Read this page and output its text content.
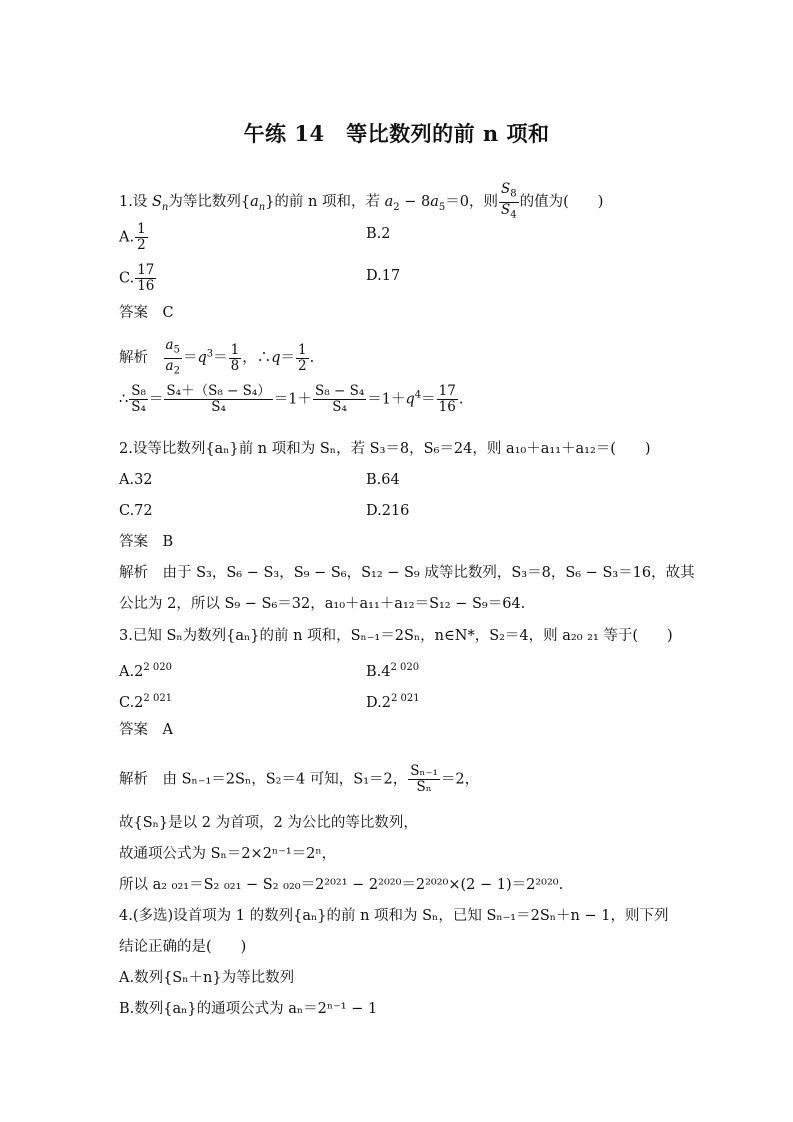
午练 14　等比数列的前 n 项和
1.设 $S_n$为等比数列$\{a_n\}$的前 n 项和，若 $a_2 - 8a_5=0$，则 $\frac{S_8}{S_4}$ 的值为(　　)
A. $\frac{1}{2}$	B.2
C. $\frac{17}{16}$	D.17
答案　 C
解析　 $\frac{a_5}{a_2} =q^3= \frac{1}{8}$ ，∴q＝ $\frac{1}{2}$ .
∴ $\frac{\text{S₈}}{\text{S₄}} = \frac{\text{S₄＋（S₈ − S₄）}}{\text{S₄}} =1+ \frac{\text{S₈ − S₄}}{\text{S₄}} =1+q^4= \frac{17}{16}$ .
2.设等比数列{aₙ}前 n 项和为 Sₙ，若 S₃＝8，S₆＝24，则 a₁₀＋a₁₁＋a₁₂＝(　　)
A.32	B.64
C.72	D.216
答案　 B
解析　 由于 S₃，S₆ − S₃，S₉ − S₆，S₁₂ − S₉ 成等比数列，S₃＝8，S₆ − S₃＝16，故其
公比为 2，所以 S₉ − S₆＝32，a₁₀＋a₁₁＋a₁₂＝S₁₂ − S₉＝64.
3.已知 Sₙ为数列{aₙ}的前 n 项和，Sₙ₋₁＝2Sₙ，n∈N*，S₂＝4，则 a₂₀ ₂₁ 等于(　　)
$A.2^{2 020}$	$B.4^{2 020}$
$C.2^{2 021}$	$D.2^{2 021}$
答案　 A
解析　 由 Sₙ₋₁＝2Sₙ，S₂＝4 可知，S₁＝2， $\frac{\text{Sₙ₋₁}}{\text{Sₙ}} =2$，
故{Sₙ}是以 2 为首项，2 为公比的等比数列，
故通项公式为 Sₙ＝2×2ⁿ⁻¹＝2ⁿ，
所以 a₂ ₀₂₁＝S₂ ₀₂₁ − S₂ ₀₂₀＝2²⁰²¹ − 2²⁰²⁰＝2²⁰²⁰×(2 − 1)＝2²⁰²⁰.
4.(多选)设首项为 1 的数列{aₙ}的前 n 项和为 Sₙ，已知 Sₙ₋₁＝2Sₙ＋n − 1，则下列
结论正确的是(　　)
A.数列{Sₙ＋n}为等比数列
B.数列{aₙ}的通项公式为 aₙ＝2ⁿ⁻¹ − 1
